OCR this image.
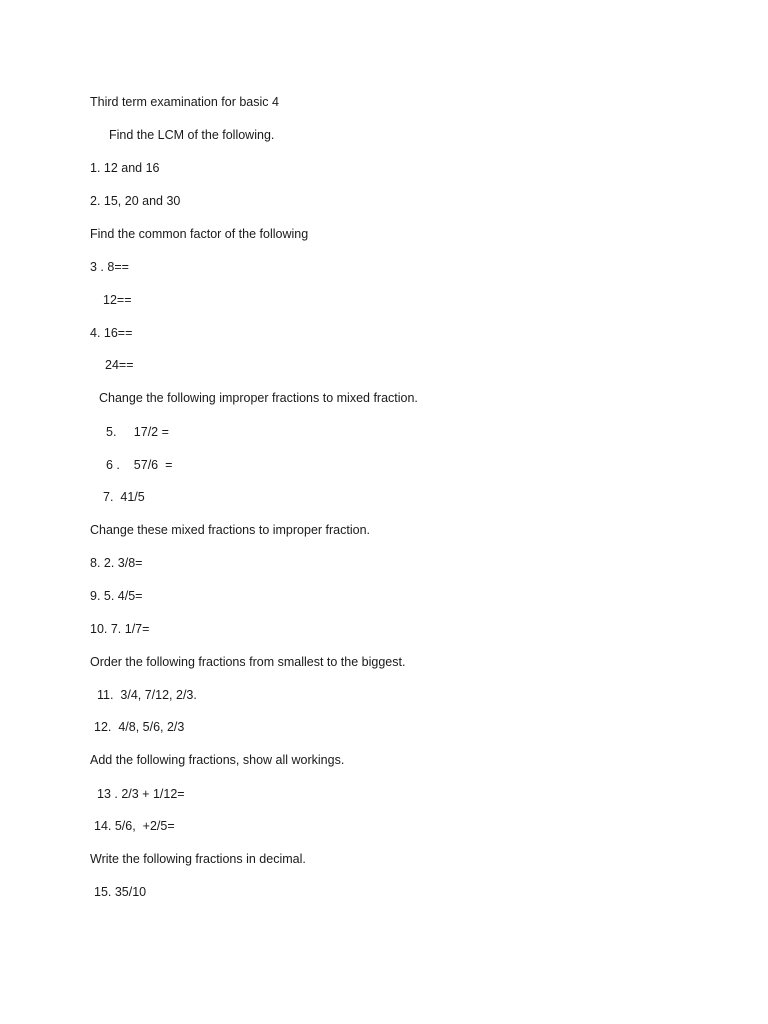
Third term examination for basic 4
Find the LCM of the following.
1. 12 and 16
2. 15, 20 and 30
Find the common factor of the following
3 . 8==
12==
4. 16==
24==
Change the following improper fractions to mixed fraction.
5.     17/2 =
6 .    57/6  =
7.  41/5
Change these mixed fractions to improper fraction.
8. 2. 3/8=
9. 5. 4/5=
10. 7. 1/7=
Order the following fractions from smallest to the biggest.
11.  3/4, 7/12, 2/3.
12.  4/8, 5/6, 2/3
Add the following fractions, show all workings.
13 . 2/3 + 1/12=
14. 5/6,  +2/5=
Write the following fractions in decimal.
15. 35/10
